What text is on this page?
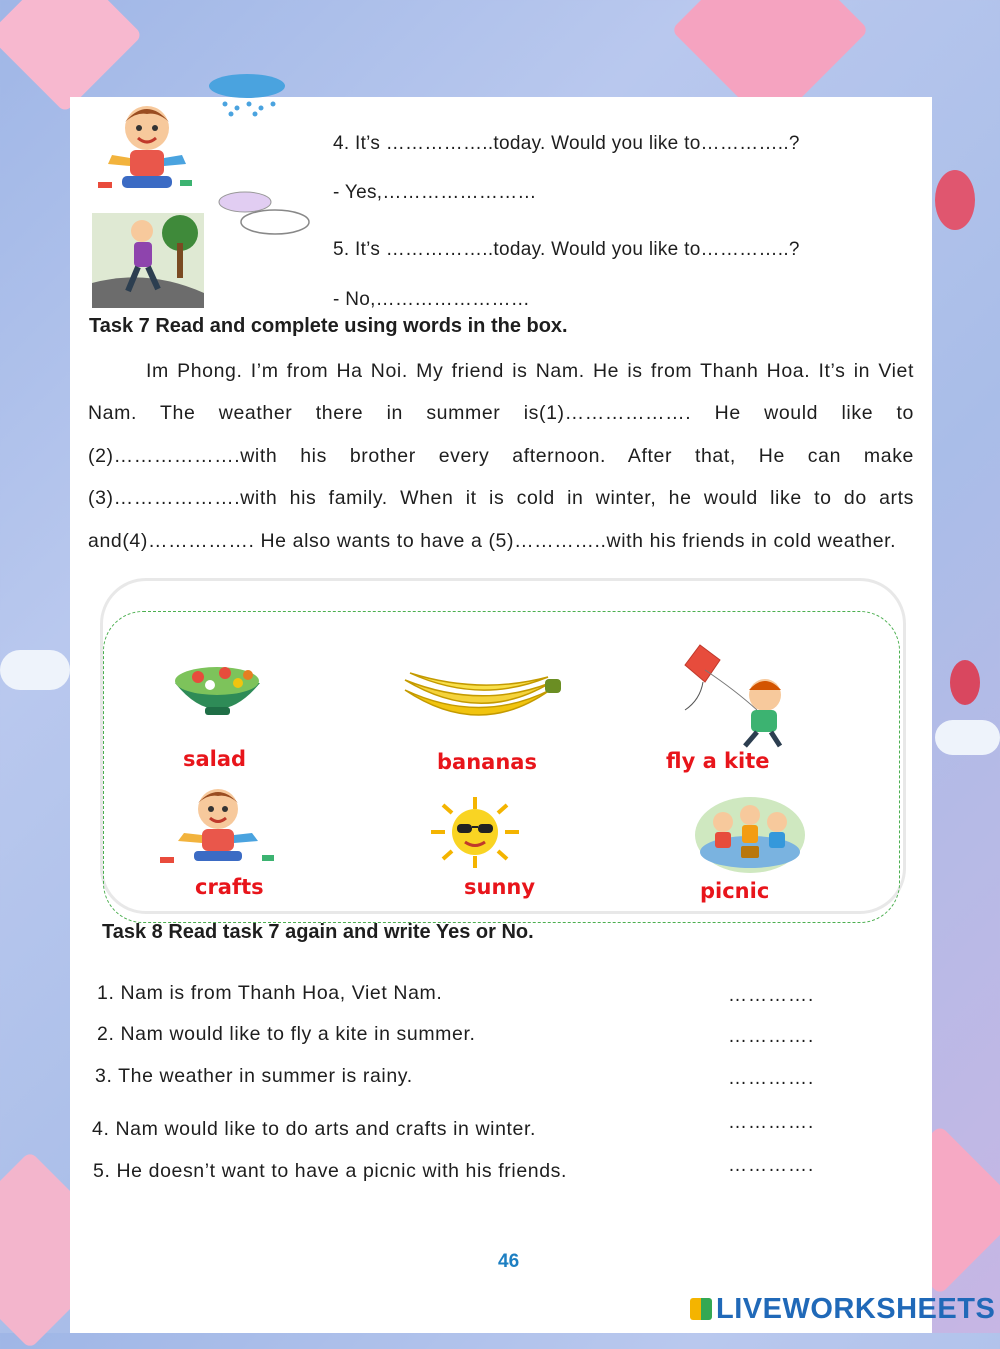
4. It’s ……………..today. Would you like to…………..?
- Yes,……………………
5. It’s ……………..today. Would you like to…………..?
- No,……………………
Task 7 Read and complete using words in the box.
Im Phong. I’m from Ha Noi. My friend is Nam. He is from Thanh Hoa. It’s in Viet Nam. The weather there in summer is(1)………………. He would like to (2)……………….with his brother every afternoon. After that, He can make (3)……………….with his family. When it is cold in winter, he would like to do arts and(4)……………. He also wants to have a (5)…………..with his friends in cold weather.
salad	bananas	fly a kite
crafts	sunny	picnic
Task 8 Read task 7 again and write Yes or No.
1. Nam is from Thanh Hoa, Viet Nam.	………….
2. Nam would like to fly a kite in summer.	………….
3. The weather in summer is rainy.	………….
4. Nam would like to do arts and crafts in winter.	………….
5. He doesn’t want to have a picnic with his friends.	………….
46
LIVEWORKSHEETS
